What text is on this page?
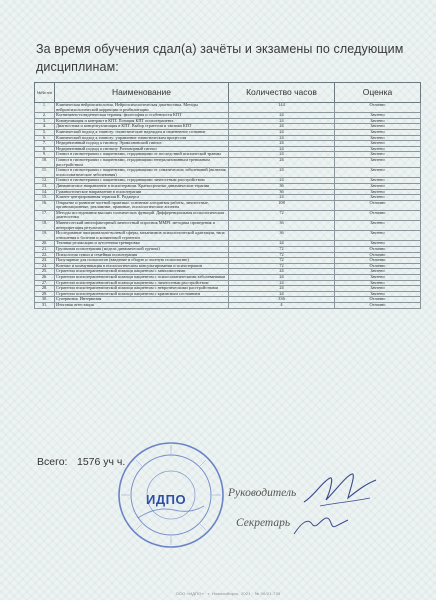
За время обучения сдал(а) зачёты и экзамены по следующим дисциплинам:
№№ п/п	Наименование	Количество часов	Оценка
1.	Клиническая нейропсихология. Нейропсихологическая диагностика. Методы нейропсихологической коррекции и реабилитации	144	Отлично
2.	Когнитивно-поведенческая терапия: философия и особенности КПТ	24	Зачтено
3.	Коммуникация и контракт в КПТ. Позиция КПТ психотерапевта	24	Зачтено
4.	Диагностика и концептуализация в КПТ. Выбор стратегии и тактики КПТ	24	Зачтено
5.	Клинический подход к гипнозу: гипнотические надеждам и измененное сознание	24	Зачтено
6.	Клинический подход к гипнозу: управление гипнотическим процессом	24	Зачтено
7.	Недирективный подход к гипнозу. Эриксоновский гипноз	24	Зачтено
8.	Недирективный подход к гипнозу. Разговорный гипноз	24	Зачтено
9.	Гипноз в гипнотерапии с пациентами, страдающими от последствий психической травмы	24	Зачтено
10.	Гипноз в гипнотерапии с пациентами, страдающими генерализованным тревожным расстройством	24	Зачтено
11.	Гипноз в гипнотерапии с пациентами, страдающими от соматических заболеваний (включая психосоматические заболевания)	24	Зачтено
12.	Гипноз в гипнотерапии с пациентами, страдающими личностным расстройством	24	Зачтено
13.	Динамическое направление в психотерапии. Краткосрочные динамические терапии	36	Зачтено
14.	Гуманистическое направление в психотерапии	36	Зачтено
15.	Клиент-центрированная терапия К. Роджерса	24	Зачтено
16.	Открытие и развитие частной практики: основные алгоритмы работы, личностные, организационные, рекламные, правовые, психологические аспекты	108	Отлично
17.	Методы исследования высших психических функций. Дифференциальная психологическая диагностика	72	Отлично
18.	Миннесотский многофакторный личностный опросник ММРI: методика проведения и интерпретация результатов	36	Зачтено
19.	Исследование эмоционально-волевой сферы, механизмов психологической адаптации, типа отношения к болезни и копинговой стратегии	36	Зачтено
20.	Техники релаксации и аутогенная тренировка	24	Зачтено
21.	Групповая психотерапия (модель динамической группы)	72	Отлично
22.	Психология семьи и семейная психотерапия	72	Отлично
23.	Популярные для психологов (введение в общую и частную психологию)	72	Отлично
24.	Контакт и коммуникация в психологическом консультировании и психотерапии	72	Отлично
25.	Стратегии психотерапевтической помощи пациентам с зависимостями	24	Зачтено
26.	Стратегии психотерапевтической помощи пациентам с психосоматическими заболеваниями	24	Зачтено
27.	Стратегии психотерапевтической помощи пациентам с личностным расстройством	24	Зачтено
28.	Стратегии психотерапевтической помощи пациентам с невротическими расстройствами	24	Зачтено
29.	Стратегии психотерапевтической помощи пациентам с кризисным состоянием	24	Зачтено
30.	Супервизия. Интервизия	336	Отлично
31.	Итоговая аттестация	4	Отлично
Всего: 1576 уч ч.
ИДПО	Руководитель
Секретарь
ООО «ИДПО» · г. Новосибирск, 2021 · № 00/21-739
